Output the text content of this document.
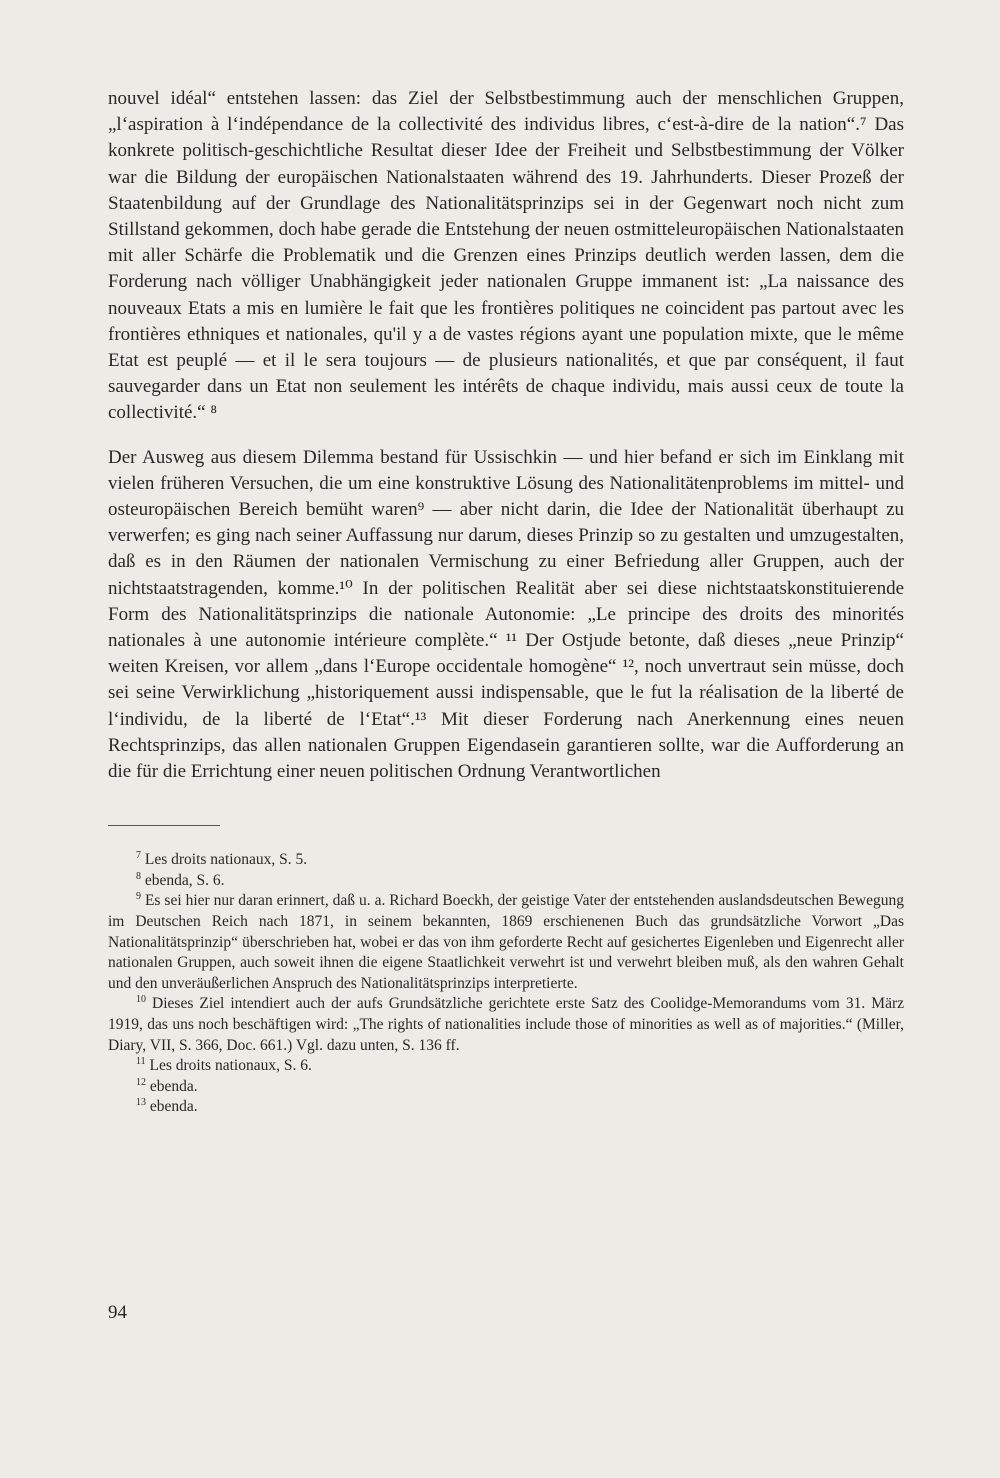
nouvel idéal“ entstehen lassen: das Ziel der Selbstbestimmung auch der menschlichen Gruppen, „l‘aspiration à l‘indépendance de la collectivité des individus libres, c‘est-à-dire de la nation“.⁷ Das konkrete politisch-geschichtliche Resultat dieser Idee der Freiheit und Selbstbestimmung der Völker war die Bildung der europäischen Nationalstaaten während des 19. Jahrhunderts. Dieser Prozeß der Staatenbildung auf der Grundlage des Nationalitätsprinzips sei in der Gegenwart noch nicht zum Stillstand gekommen, doch habe gerade die Entstehung der neuen ostmitteleuropäischen Nationalstaaten mit aller Schärfe die Problematik und die Grenzen eines Prinzips deutlich werden lassen, dem die Forderung nach völliger Unabhängigkeit jeder nationalen Gruppe immanent ist: „La naissance des nouveaux Etats a mis en lumière le fait que les frontières politiques ne coincident pas partout avec les frontières ethniques et nationales, qu'il y a de vastes régions ayant une population mixte, que le même Etat est peuplé — et il le sera toujours — de plusieurs nationalités, et que par conséquent, il faut sauvegarder dans un Etat non seulement les intérêts de chaque individu, mais aussi ceux de toute la collectivité.“ ⁸

Der Ausweg aus diesem Dilemma bestand für Ussischkin — und hier befand er sich im Einklang mit vielen früheren Versuchen, die um eine konstruktive Lösung des Nationalitätenproblems im mittel- und osteuropäischen Bereich bemüht waren⁹ — aber nicht darin, die Idee der Nationalität überhaupt zu verwerfen; es ging nach seiner Auffassung nur darum, dieses Prinzip so zu gestalten und umzugestalten, daß es in den Räumen der nationalen Vermischung zu einer Befriedung aller Gruppen, auch der nichtstaatstragenden, komme.¹⁰ In der politischen Realität aber sei diese nichtstaatskonstituierende Form des Nationalitätsprinzips die nationale Autonomie: „Le principe des droits des minorités nationales à une autonomie intérieure complète.“ ¹¹ Der Ostjude betonte, daß dieses „neue Prinzip“ weiten Kreisen, vor allem „dans l‘Europe occidentale homogène“ ¹², noch unvertraut sein müsse, doch sei seine Verwirklichung „historiquement aussi indispensable, que le fut la réalisation de la liberté de l‘individu, de la liberté de l‘Etat“.¹³ Mit dieser Forderung nach Anerkennung eines neuen Rechtsprinzips, das allen nationalen Gruppen Eigendasein garantieren sollte, war die Aufforderung an die für die Errichtung einer neuen politischen Ordnung Verantwortlichen

$^7$ Les droits nationaux, S. 5.

$^8$ ebenda, S. 6.

$^9$ Es sei hier nur daran erinnert, daß u. a. Richard Boeckh, der geistige Vater der entstehenden auslandsdeutschen Bewegung im Deutschen Reich nach 1871, in seinem bekannten, 1869 erschienenen Buch das grundsätzliche Vorwort „Das Nationalitätsprinzip“ überschrieben hat, wobei er das von ihm geforderte Recht auf gesichertes Eigenleben und Eigenrecht aller nationalen Gruppen, auch soweit ihnen die eigene Staatlichkeit verwehrt ist und verwehrt bleiben muß, als den wahren Gehalt und den unveräußerlichen Anspruch des Nationalitätsprinzips interpretierte.

$^{10}$ Dieses Ziel intendiert auch der aufs Grundsätzliche gerichtete erste Satz des Coolidge-Memorandums vom 31. März 1919, das uns noch beschäftigen wird: „The rights of nationalities include those of minorities as well as of majorities.“ (Miller, Diary, VII, S. 366, Doc. 661.) Vgl. dazu unten, S. 136 ff.

$^{11}$ Les droits nationaux, S. 6.

$^{12}$ ebenda.

$^{13}$ ebenda.

94
